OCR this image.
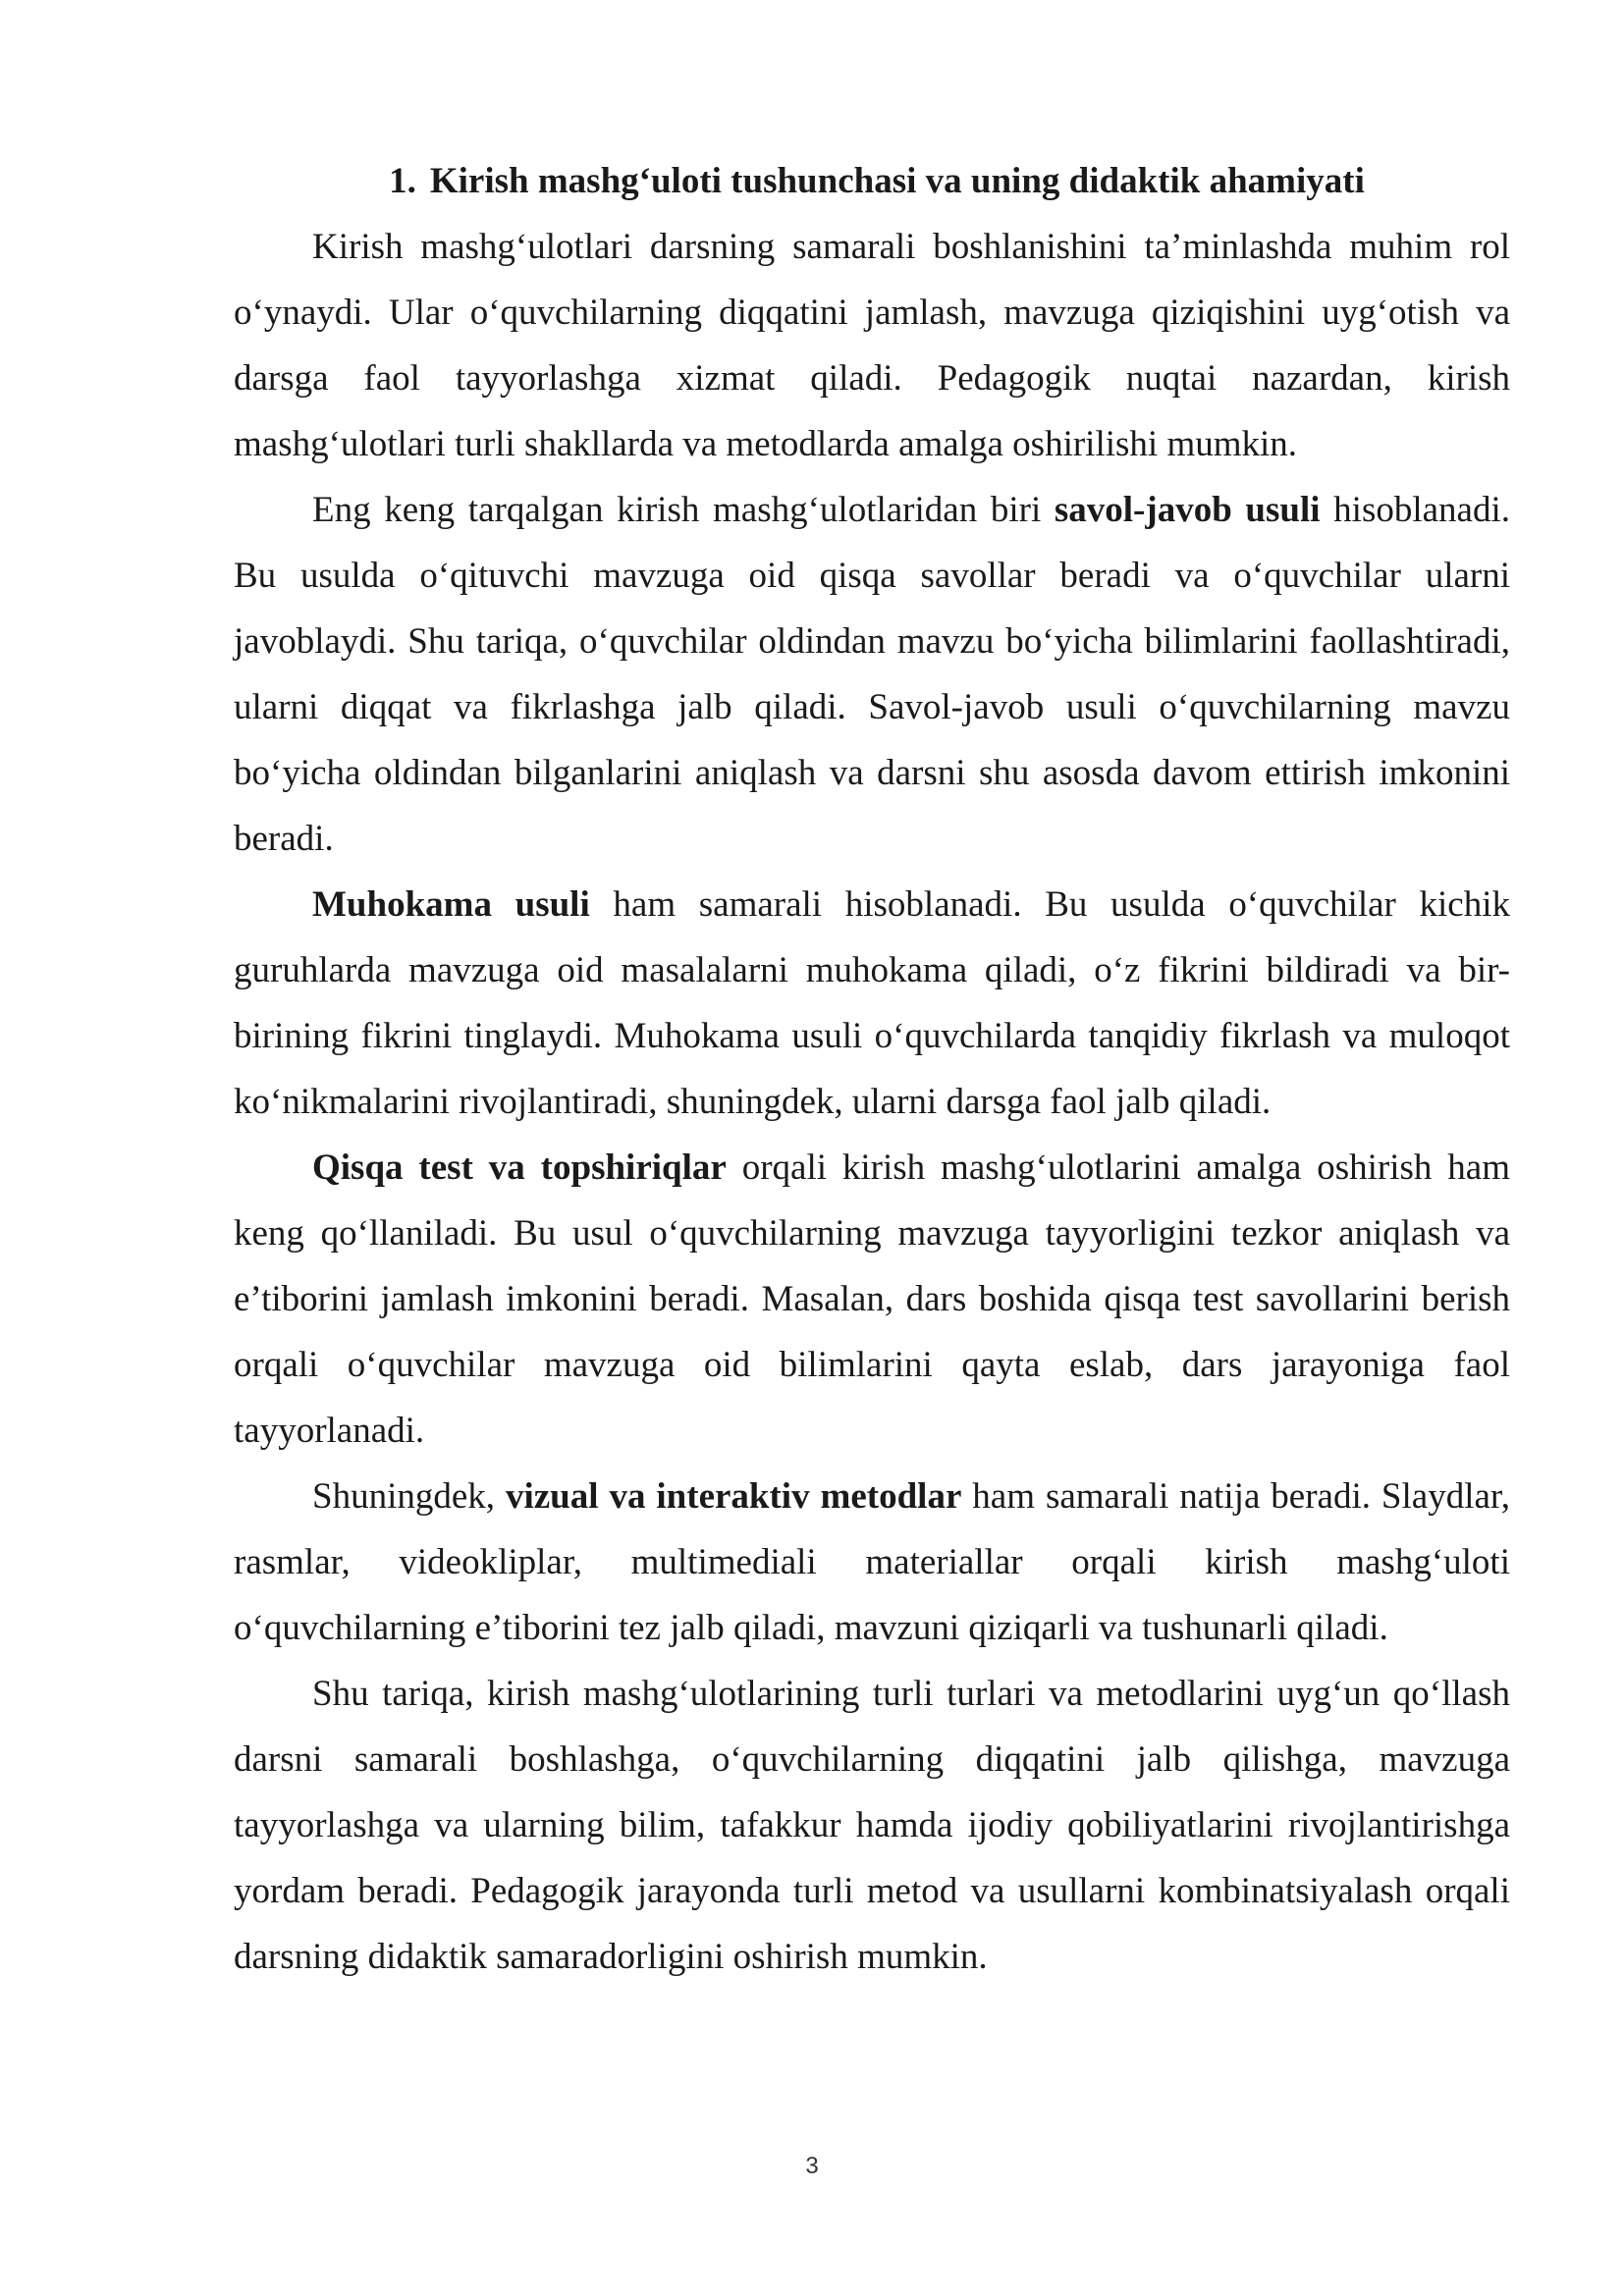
1. Kirish mashg‘uloti tushunchasi va uning didaktik ahamiyati

Kirish mashg‘ulotlari darsning samarali boshlanishini ta’minlashda muhim rol o‘ynaydi. Ular o‘quvchilarning diqqatini jamlash, mavzuga qiziqishini uyg‘otish va darsga faol tayyorlashga xizmat qiladi. Pedagogik nuqtai nazardan, kirish mashg‘ulotlari turli shakllarda va metodlarda amalga oshirilishi mumkin.

Eng keng tarqalgan kirish mashg‘ulotlaridan biri savol-javob usuli hisoblanadi. Bu usulda o‘qituvchi mavzuga oid qisqa savollar beradi va o‘quvchilar ularni javoblaydi. Shu tariqa, o‘quvchilar oldindan mavzu bo‘yicha bilimlarini faollashtiradi, ularni diqqat va fikrlashga jalb qiladi. Savol-javob usuli o‘quvchilarning mavzu bo‘yicha oldindan bilganlarini aniqlash va darsni shu asosda davom ettirish imkonini beradi.

Muhokama usuli ham samarali hisoblanadi. Bu usulda o‘quvchilar kichik guruhlarda mavzuga oid masalalarni muhokama qiladi, o‘z fikrini bildiradi va bir-birining fikrini tinglaydi. Muhokama usuli o‘quvchilarda tanqidiy fikrlash va muloqot ko‘nikmalarini rivojlantiradi, shuningdek, ularni darsga faol jalb qiladi.

Qisqa test va topshiriqlar orqali kirish mashg‘ulotlarini amalga oshirish ham keng qo‘llaniladi. Bu usul o‘quvchilarning mavzuga tayyorligini tezkor aniqlash va e’tiborini jamlash imkonini beradi. Masalan, dars boshida qisqa test savollarini berish orqali o‘quvchilar mavzuga oid bilimlarini qayta eslab, dars jarayoniga faol tayyorlanadi.

Shuningdek, vizual va interaktiv metodlar ham samarali natija beradi. Slaydlar, rasmlar, videokliplar, multimediali materiallar orqali kirish mashg‘uloti o‘quvchilarning e’tiborini tez jalb qiladi, mavzuni qiziqarli va tushunarli qiladi.

Shu tariqa, kirish mashg‘ulotlarining turli turlari va metodlarini uyg‘un qo‘llash darsni samarali boshlashga, o‘quvchilarning diqqatini jalb qilishga, mavzuga tayyorlashga va ularning bilim, tafakkur hamda ijodiy qobiliyatlarini rivojlantirishga yordam beradi. Pedagogik jarayonda turli metod va usullarni kombinatsiyalash orqali darsning didaktik samaradorligini oshirish mumkin.

3
